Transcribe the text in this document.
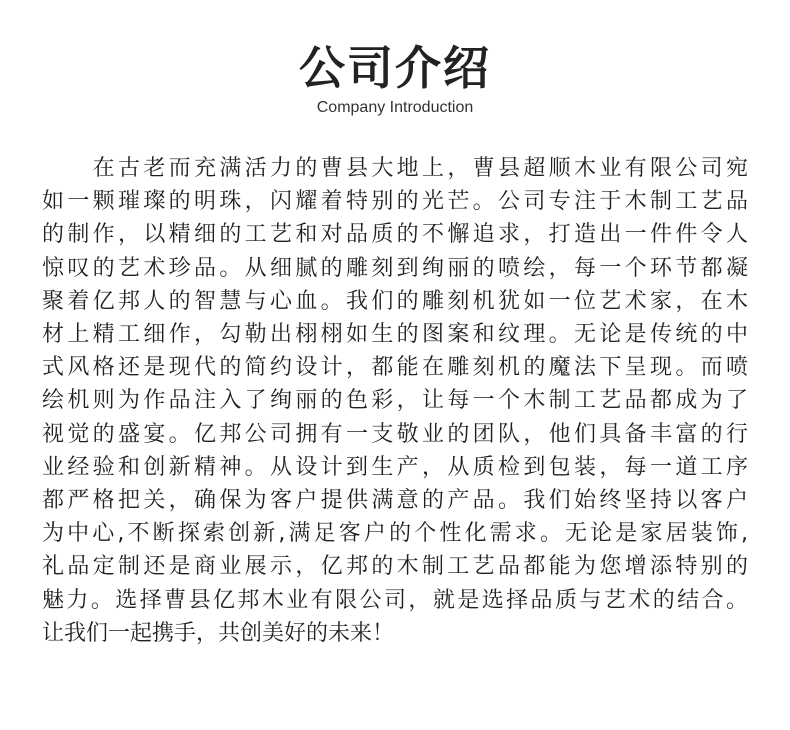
公司介绍
Company Introduction
　　在古老而充满活力的曹县大地上，曹县超顺木业有限公司宛
如一颗璀璨的明珠，闪耀着特别的光芒。公司专注于木制工艺品
的制作，以精细的工艺和对品质的不懈追求，打造出一件件令人
惊叹的艺术珍品。从细腻的雕刻到绚丽的喷绘，每一个环节都凝
聚着亿邦人的智慧与心血。我们的雕刻机犹如一位艺术家，在木
材上精工细作，勾勒出栩栩如生的图案和纹理。无论是传统的中
式风格还是现代的简约设计，都能在雕刻机的魔法下呈现。而喷
绘机则为作品注入了绚丽的色彩，让每一个木制工艺品都成为了
视觉的盛宴。亿邦公司拥有一支敬业的团队，他们具备丰富的行
业经验和创新精神。从设计到生产，从质检到包装，每一道工序
都严格把关，确保为客户提供满意的产品。我们始终坚持以客户
为中心,不断探索创新,满足客户的个性化需求。无论是家居装饰,
礼品定制还是商业展示，亿邦的木制工艺品都能为您增添特别的
魅力。选择曹县亿邦木业有限公司，就是选择品质与艺术的结合。
让我们一起携手，共创美好的未来！
